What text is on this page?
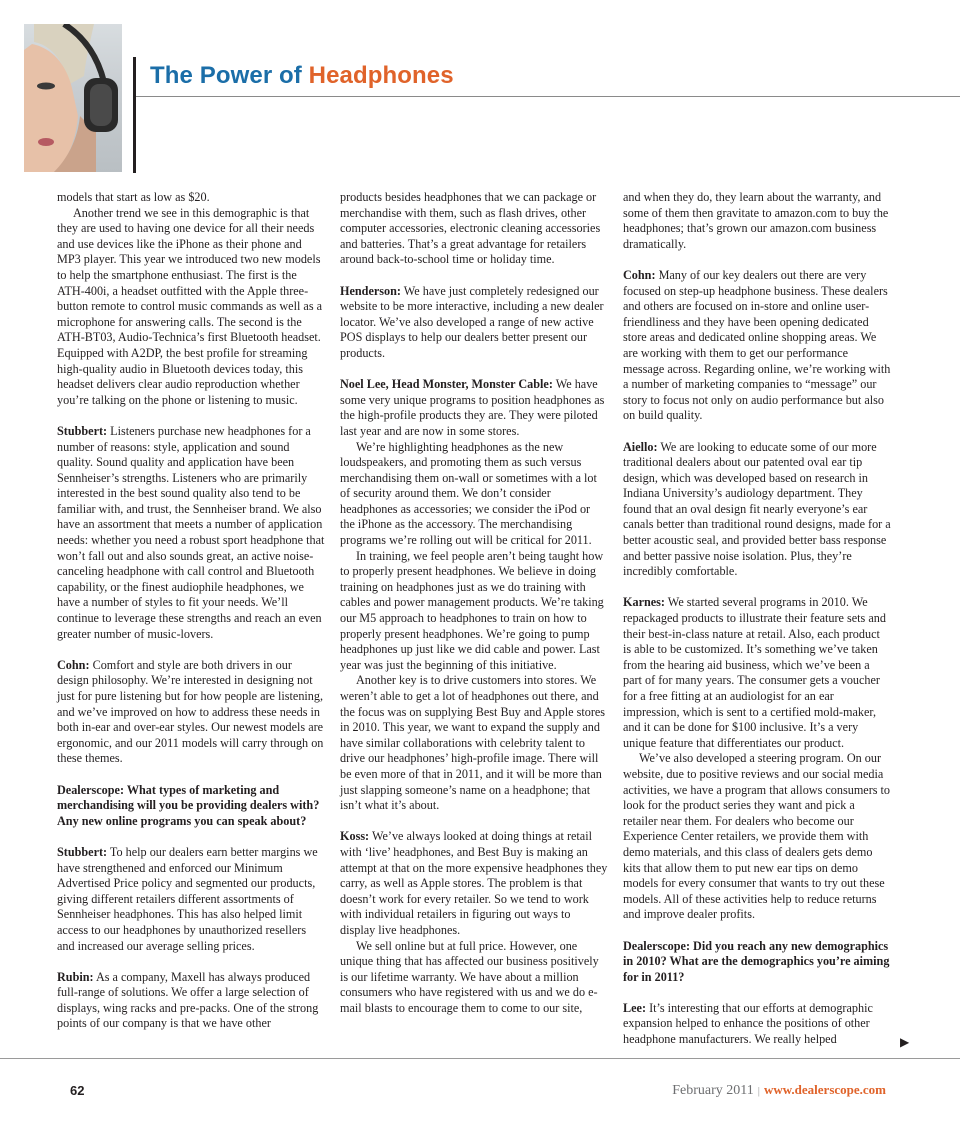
The Power of Headphones

models that start as low as $20.

Another trend we see in this demographic is that they are used to having one device for all their needs and use devices like the iPhone as their phone and MP3 player. This year we introduced two new models to help the smartphone enthusiast. The first is the ATH-400i, a headset outfitted with the Apple three-button remote to control music commands as well as a microphone for answering calls. The second is the ATH-BT03, Audio-Technica’s first Bluetooth headset. Equipped with A2DP, the best profile for streaming high-quality audio in Bluetooth devices today, this headset delivers clear audio reproduction whether you’re talking on the phone or listening to music.

Stubbert: Listeners purchase new headphones for a number of reasons: style, application and sound quality. Sound quality and application have been Sennheiser’s strengths. Listeners who are primarily interested in the best sound quality also tend to be familiar with, and trust, the Sennheiser brand. We also have an assortment that meets a number of application needs: whether you need a robust sport headphone that won’t fall out and also sounds great, an active noise-canceling headphone with call control and Bluetooth capability, or the finest audiophile headphones, we have a number of styles to fit your needs. We’ll continue to leverage these strengths and reach an even greater number of music-lovers.

Cohn: Comfort and style are both drivers in our design philosophy. We’re interested in designing not just for pure listening but for how people are listening, and we’ve improved on how to address these needs in both in-ear and over-ear styles. Our newest models are ergonomic, and our 2011 models will carry through on these themes.

Dealerscope: What types of marketing and merchandising will you be providing dealers with? Any new online programs you can speak about?

Stubbert: To help our dealers earn better margins we have strengthened and enforced our Minimum Advertised Price policy and segmented our products, giving different retailers different assortments of Sennheiser headphones. This has also helped limit access to our headphones by unauthorized resellers and increased our average selling prices.

Rubin: As a company, Maxell has always produced full-range of solutions. We offer a large selection of displays, wing racks and pre-packs. One of the strong points of our company is that we have other

products besides headphones that we can package or merchandise with them, such as flash drives, other computer accessories, electronic cleaning accessories and batteries. That’s a great advantage for retailers around back-to-school time or holiday time.

Henderson: We have just completely redesigned our website to be more interactive, including a new dealer locator. We’ve also developed a range of new active POS displays to help our dealers better present our products.

Noel Lee, Head Monster, Monster Cable: We have some very unique programs to position headphones as the high-profile products they are. They were piloted last year and are now in some stores.

We’re highlighting headphones as the new loudspeakers, and promoting them as such versus merchandising them on-wall or sometimes with a lot of security around them. We don’t consider headphones as accessories; we consider the iPod or the iPhone as the accessory. The merchandising programs we’re rolling out will be critical for 2011.

In training, we feel people aren’t being taught how to properly present headphones. We believe in doing training on headphones just as we do training with cables and power management products. We’re taking our M5 approach to headphones to train on how to properly present headphones. We’re going to pump headphones up just like we did cable and power. Last year was just the beginning of this initiative.

Another key is to drive customers into stores. We weren’t able to get a lot of headphones out there, and the focus was on supplying Best Buy and Apple stores in 2010. This year, we want to expand the supply and have similar collaborations with celebrity talent to drive our headphones’ high-profile image. There will be even more of that in 2011, and it will be more than just slapping someone’s name on a headphone; that isn’t what it’s about.

Koss: We’ve always looked at doing things at retail with ‘live’ headphones, and Best Buy is making an attempt at that on the more expensive headphones they carry, as well as Apple stores. The problem is that doesn’t work for every retailer. So we tend to work with individual retailers in figuring out ways to display live headphones.

We sell online but at full price. However, one unique thing that has affected our business positively is our lifetime warranty. We have about a million consumers who have registered with us and we do e-mail blasts to encourage them to come to our site,

and when they do, they learn about the warranty, and some of them then gravitate to amazon.com to buy the headphones; that’s grown our amazon.com business dramatically.

Cohn: Many of our key dealers out there are very focused on step-up headphone business. These dealers and others are focused on in-store and online user-friendliness and they have been opening dedicated store areas and dedicated online shopping areas. We are working with them to get our performance message across. Regarding online, we’re working with a number of marketing companies to “message” our story to focus not only on audio performance but also on build quality.

Aiello: We are looking to educate some of our more traditional dealers about our patented oval ear tip design, which was developed based on research in Indiana University’s audiology department. They found that an oval design fit nearly everyone’s ear canals better than traditional round designs, made for a better acoustic seal, and provided better bass response and better passive noise isolation. Plus, they’re incredibly comfortable.

Karnes: We started several programs in 2010. We repackaged products to illustrate their feature sets and their best-in-class nature at retail. Also, each product is able to be customized. It’s something we’ve taken from the hearing aid business, which we’ve been a part of for many years. The consumer gets a voucher for a free fitting at an audiologist for an ear impression, which is sent to a certified mold-maker, and it can be done for $100 inclusive. It’s a very unique feature that differentiates our product.

We’ve also developed a steering program. On our website, due to positive reviews and our social media activities, we have a program that allows consumers to look for the product series they want and pick a retailer near them. For dealers who become our Experience Center retailers, we provide them with demo materials, and this class of dealers gets demo kits that allow them to put new ear tips on demo models for every consumer that wants to try out these models. All of these activities help to reduce returns and improve dealer profits.

Dealerscope: Did you reach any new demographics in 2010? What are the demographics you’re aiming for in 2011?

Lee: It’s interesting that our efforts at demographic expansion helped to enhance the positions of other headphone manufacturers. We really helped	▶
62	February 2011 | www.dealerscope.com
